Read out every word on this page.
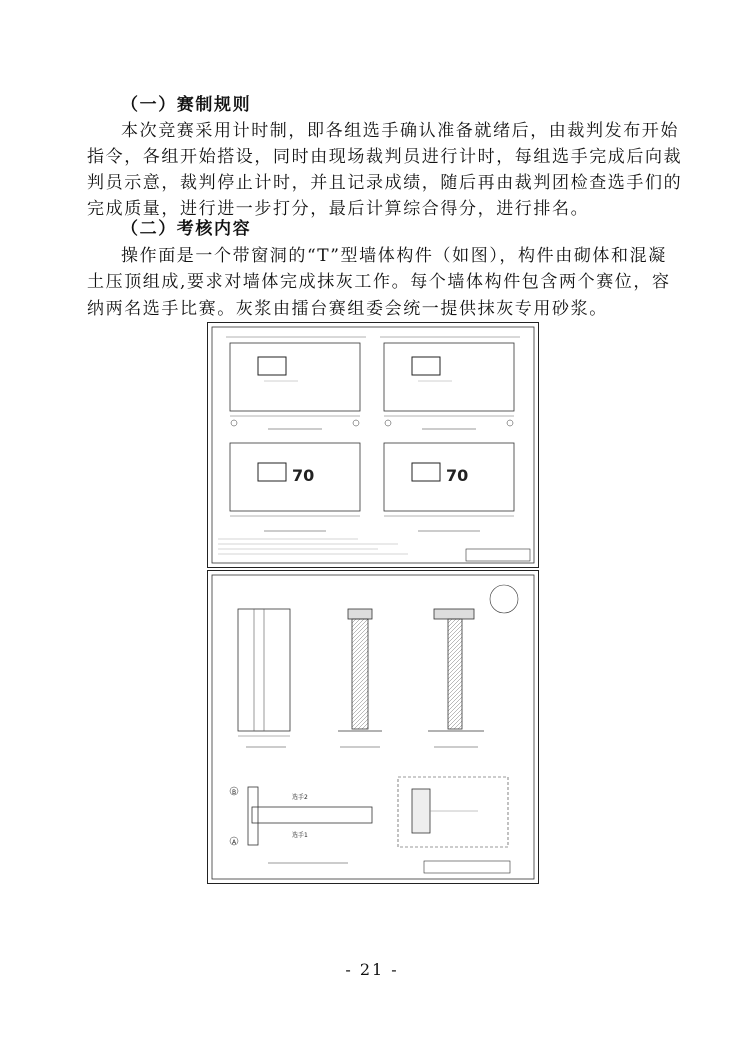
（一）赛制规则
本次竞赛采用计时制，即各组选手确认准备就绪后，由裁判发布开始
指令，各组开始搭设，同时由现场裁判员进行计时，每组选手完成后向裁
判员示意，裁判停止计时，并且记录成绩，随后再由裁判团检查选手们的
完成质量，进行进一步打分，最后计算综合得分，进行排名。
（二）考核内容
操作面是一个带窗洞的“T”型墙体构件（如图），构件由砌体和混凝
土压顶组成,要求对墙体完成抹灰工作。每个墙体构件包含两个赛位，容
纳两名选手比赛。灰浆由擂台赛组委会统一提供抹灰专用砂浆。
70	70
B
A
选手2
选手1
- 21 -
